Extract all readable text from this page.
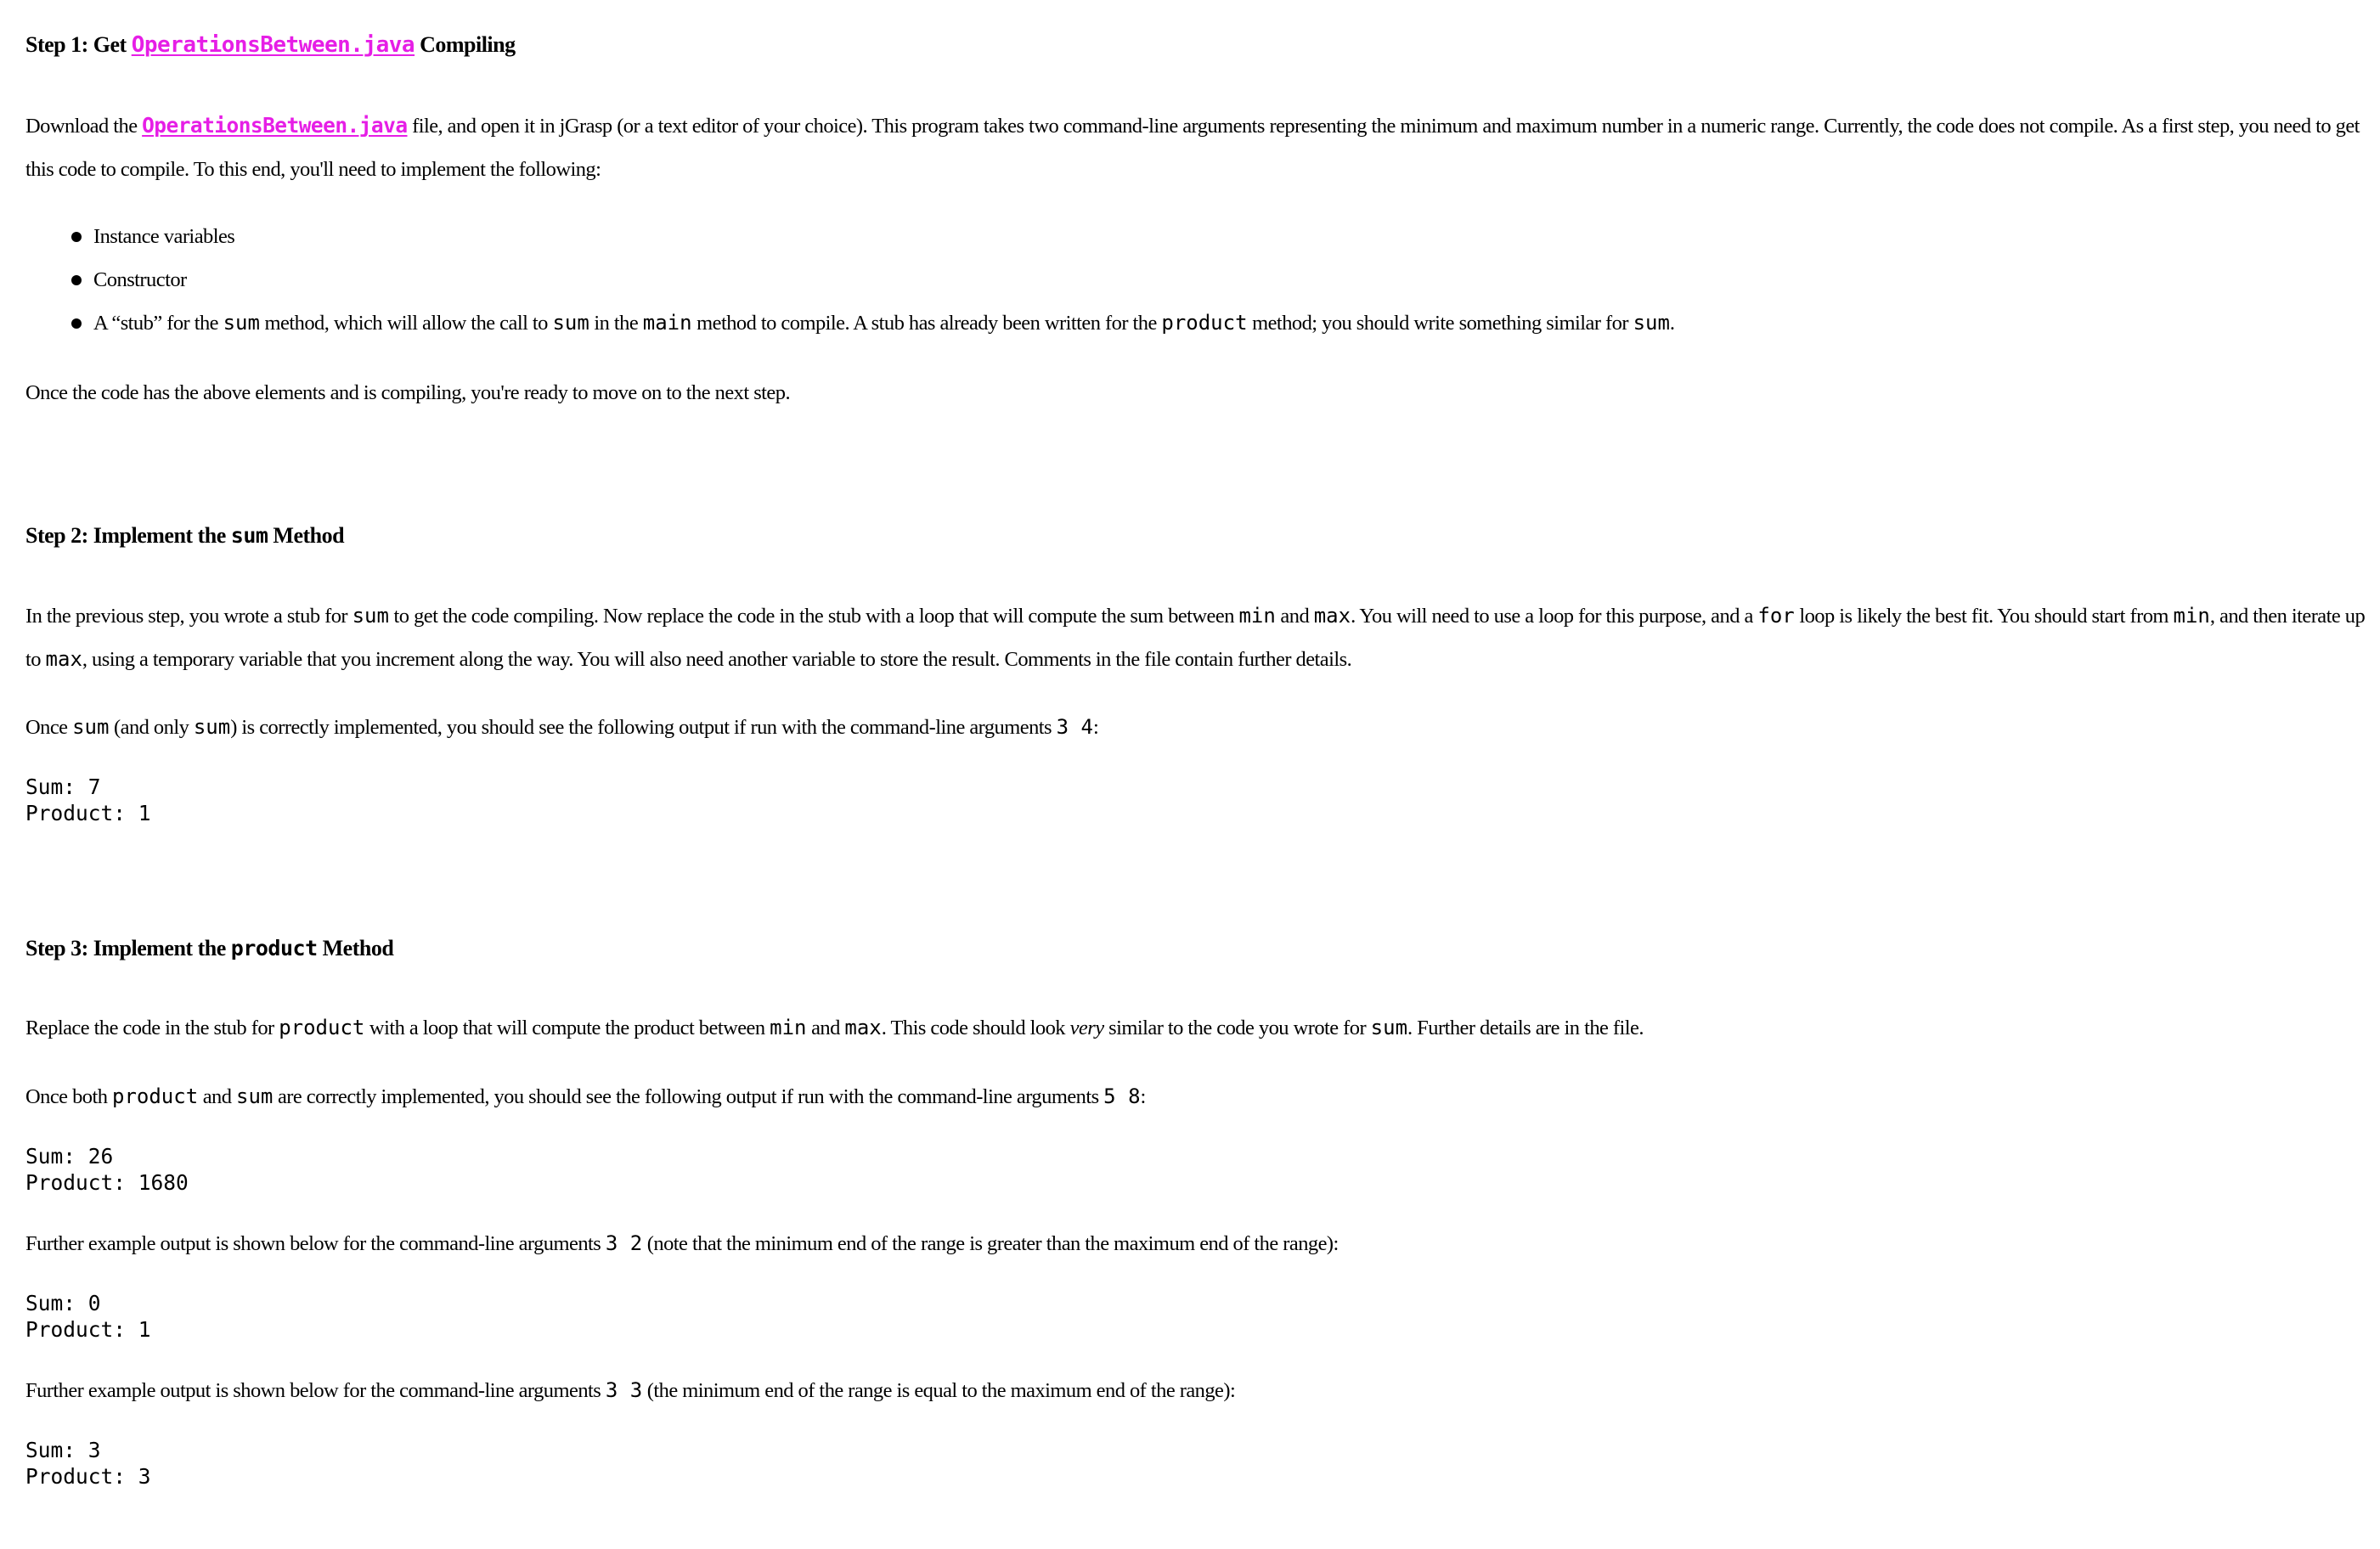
Step 1: Get OperationsBetween.java Compiling

Download the OperationsBetween.java file, and open it in jGrasp (or a text editor of your choice). This program takes two command-line arguments representing the minimum and maximum number in a numeric range. Currently, the code does not compile. As a first step, you need to get this code to compile. To this end, you'll need to implement the following:

Instance variables
Constructor
A “stub” for the sum method, which will allow the call to sum in the main method to compile. A stub has already been written for the product method; you should write something similar for sum.

Once the code has the above elements and is compiling, you're ready to move on to the next step.

Step 2: Implement the sum Method

In the previous step, you wrote a stub for sum to get the code compiling. Now replace the code in the stub with a loop that will compute the sum between min and max. You will need to use a loop for this purpose, and a for loop is likely the best fit. You should start from min, and then iterate up to max, using a temporary variable that you increment along the way. You will also need another variable to store the result. Comments in the file contain further details.

Once sum (and only sum) is correctly implemented, you should see the following output if run with the command-line arguments 3 4:

Sum: 7
Product: 1
Step 3: Implement the product Method

Replace the code in the stub for product with a loop that will compute the product between min and max. This code should look very similar to the code you wrote for sum. Further details are in the file.

Once both product and sum are correctly implemented, you should see the following output if run with the command-line arguments 5 8:

Sum: 26
Product: 1680

Further example output is shown below for the command-line arguments 3 2 (note that the minimum end of the range is greater than the maximum end of the range):

Sum: 0
Product: 1

Further example output is shown below for the command-line arguments 3 3 (the minimum end of the range is equal to the maximum end of the range):

Sum: 3
Product: 3
